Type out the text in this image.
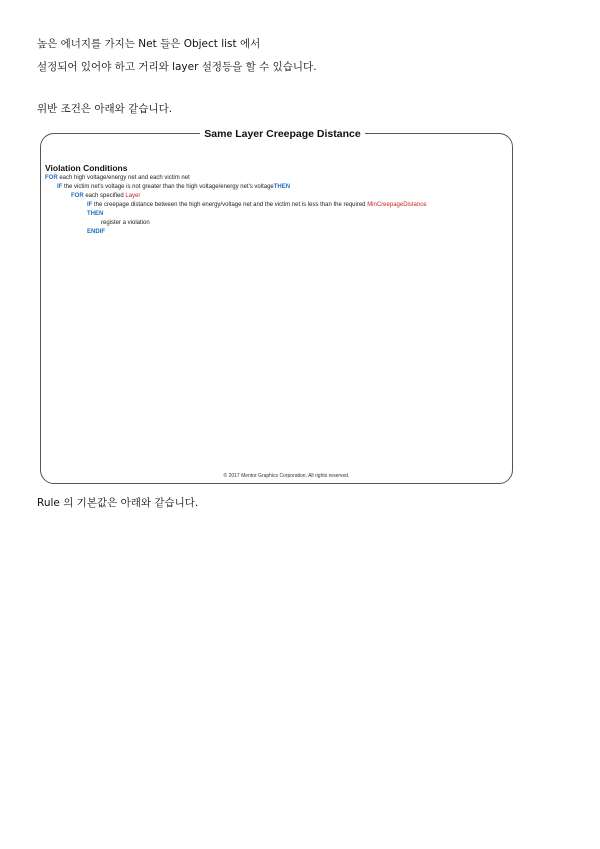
높은 에너지를 가지는 Net 들은 Object list 에서
설정되어 있어야 하고 거리와 layer 설정등을 할 수 있습니다.
위반 조건은 아래와 같습니다.
Same Layer Creepage Distance
Violation Conditions
FOR each high voltage/energy net and each victim net
IF the victim net's voltage is not greater than the high voltage/energy net's voltageTHEN
FOR each specified Layer
IF the creepage distance between the high energy/voltage net and the victim net is less than the required MinCreepageDistance
THEN
register a violation
ENDIF
© 2017 Mentor Graphics Corporation. All rights reserved.
Rule 의 기본값은 아래와 같습니다.
